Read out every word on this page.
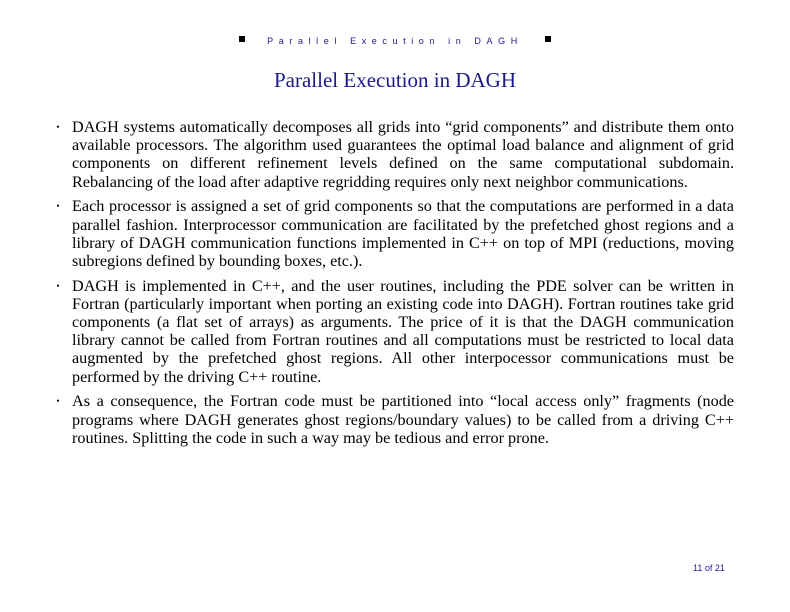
Parallel Execution in DAGH
Parallel Execution in DAGH
• DAGH systems automatically decomposes all grids into “grid components” and distribute them onto available processors. The algorithm used guarantees the optimal load balance and alignment of grid components on different refinement levels defined on the same computational subdomain. Rebalancing of the load after adaptive regridding requires only next neighbor communications.
• Each processor is assigned a set of grid components so that the computations are performed in a data parallel fashion. Interprocessor communication are facilitated by the prefetched ghost regions and a library of DAGH communication functions implemented in C++ on top of MPI (reductions, moving subregions defined by bounding boxes, etc.).
• DAGH is implemented in C++, and the user routines, including the PDE solver can be written in Fortran (particularly important when porting an existing code into DAGH). Fortran routines take grid components (a flat set of arrays) as arguments. The price of it is that the DAGH communication library cannot be called from Fortran routines and all computations must be restricted to local data augmented by the prefetched ghost regions. All other interpocessor communications must be performed by the driving C++ routine.
• As a consequence, the Fortran code must be partitioned into “local access only” fragments (node programs where DAGH generates ghost regions/boundary values) to be called from a driving C++ routines. Splitting the code in such a way may be tedious and error prone.
11 of 21
